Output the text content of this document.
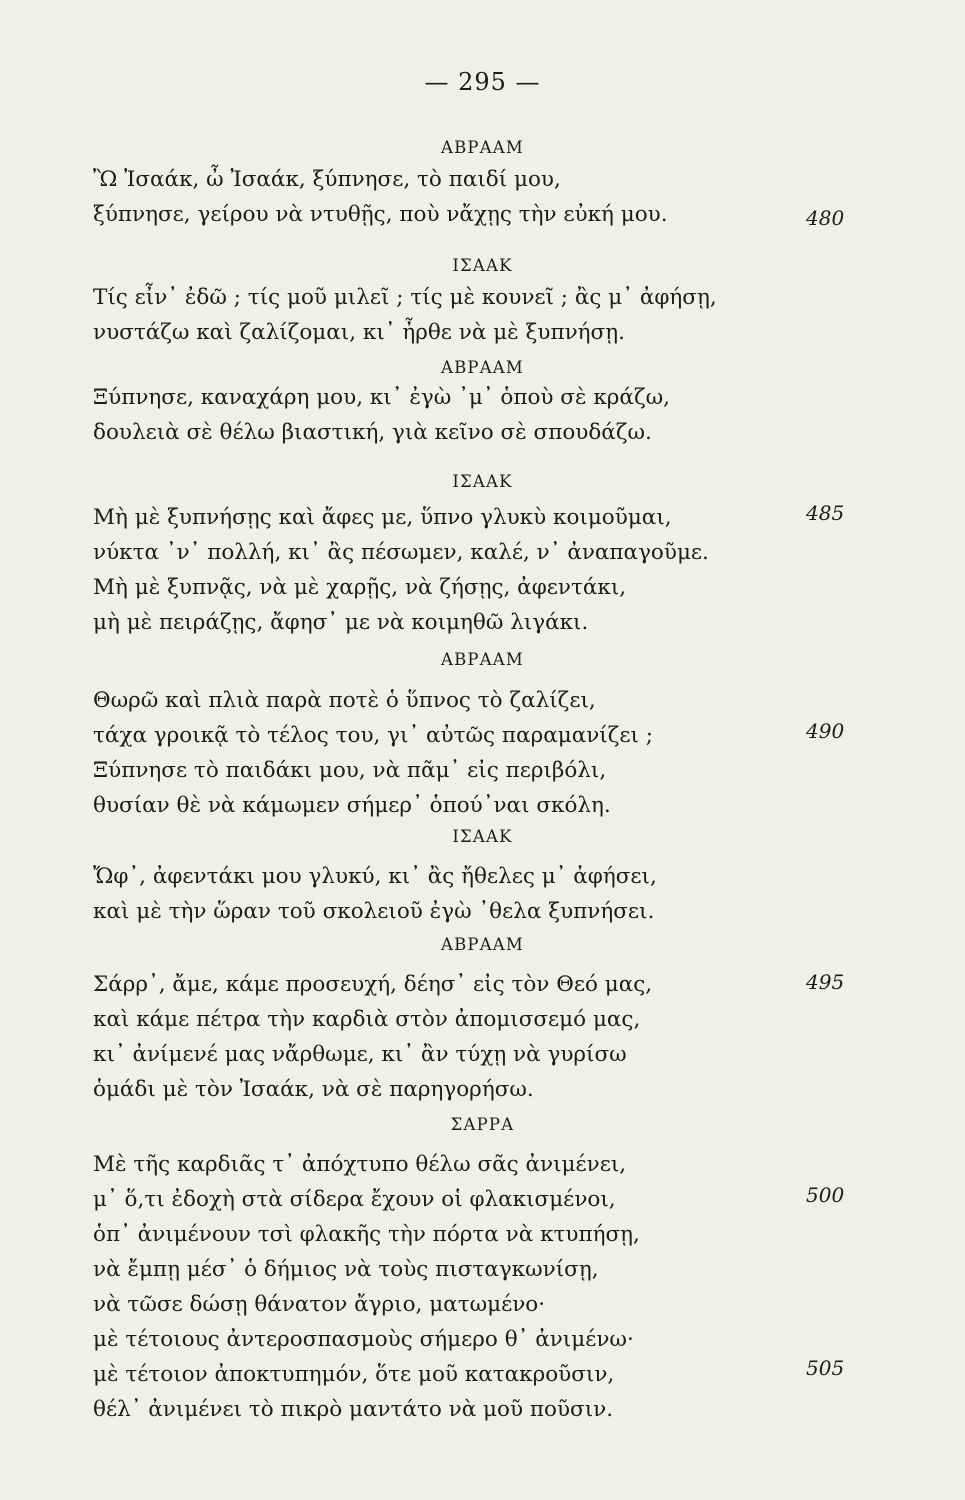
— 295 —
ΑΒΡΑΑΜ
Ὢ Ἰσαάκ, ὦ Ἰσαάκ, ξύπνησε, τὸ παιδί μου,
ξύπνησε, γείρου νὰ ντυθῇς, ποὺ νἄχῃς τὴν εὐκή μου.	480
ΙΣΑΑΚ
Τίς εἶν᾽ ἐδῶ ; τίς μοῦ μιλεῖ ; τίς μὲ κουνεῖ ; ἂς μ᾽ ἀφήσῃ,
νυστάζω καὶ ζαλίζομαι, κι᾽ ἦρθε νὰ μὲ ξυπνήσῃ.
ΑΒΡΑΑΜ
Ξύπνησε, καναχάρη μου, κι᾽ ἐγὼ ᾽μ᾽ ὁποὺ σὲ κράζω,
δουλειὰ σὲ θέλω βιαστική, γιὰ κεῖνο σὲ σπουδάζω.
ΙΣΑΑΚ
Μὴ μὲ ξυπνήσῃς καὶ ἄφες με, ὕπνο γλυκὺ κοιμοῦμαι,	485
νύκτα ᾽ν᾽ πολλή, κι᾽ ἂς πέσωμεν, καλέ, ν᾽ ἀναπαγοῦμε.
Μὴ μὲ ξυπνᾷς, νὰ μὲ χαρῇς, νὰ ζήσῃς, ἀφεντάκι,
μὴ μὲ πειράζῃς, ἄφησ᾽ με νὰ κοιμηθῶ λιγάκι.
ΑΒΡΑΑΜ
Θωρῶ καὶ πλιὰ παρὰ ποτὲ ὁ ὕπνος τὸ ζαλίζει,
τάχα γροικᾷ τὸ τέλος του, γι᾽ αὐτῶς παραμανίζει ;	490
Ξύπνησε τὸ παιδάκι μου, νὰ πᾶμ᾽ εἰς περιβόλι,
θυσίαν θὲ νὰ κάμωμεν σήμερ᾽ ὁπού᾽ναι σκόλη.
ΙΣΑΑΚ
Ὤφ᾽, ἀφεντάκι μου γλυκύ, κι᾽ ἂς ἤθελες μ᾽ ἀφήσει,
καὶ μὲ τὴν ὥραν τοῦ σκολειοῦ ἐγὼ ᾽θελα ξυπνήσει.
ΑΒΡΑΑΜ
Σάρρ᾽, ἄμε, κάμε προσευχή, δέησ᾽ εἰς τὸν Θεό μας,	495
καὶ κάμε πέτρα τὴν καρδιὰ στὸν ἀπομισσεμό μας,
κι᾽ ἀνίμενέ μας νἄρθωμε, κι᾽ ἂν τύχῃ νὰ γυρίσω
ὁμάδι μὲ τὸν Ἰσαάκ, νὰ σὲ παρηγορήσω.
ΣΑΡΡΑ
Μὲ τῆς καρδιᾶς τ᾽ ἀπόχτυπο θέλω σᾶς ἀνιμένει,
μ᾽ ὅ,τι ἐδοχὴ στὰ σίδερα ἔχουν οἱ φλακισμένοι,	500
ὁπ᾽ ἀνιμένουν τσὶ φλακῆς τὴν πόρτα νὰ κτυπήσῃ,
νὰ ἔμπῃ μέσ᾽ ὁ δήμιος νὰ τοὺς πισταγκωνίσῃ,
νὰ τῶσε δώσῃ θάνατον ἄγριο, ματωμένο·
μὲ τέτοιους ἀντεροσπασμοὺς σήμερο θ᾽ ἀνιμένω·
μὲ τέτοιον ἀποκτυπημόν, ὅτε μοῦ κατακροῦσιν,	505
θέλ᾽ ἀνιμένει τὸ πικρὸ μαντάτο νὰ μοῦ ποῦσιν.
